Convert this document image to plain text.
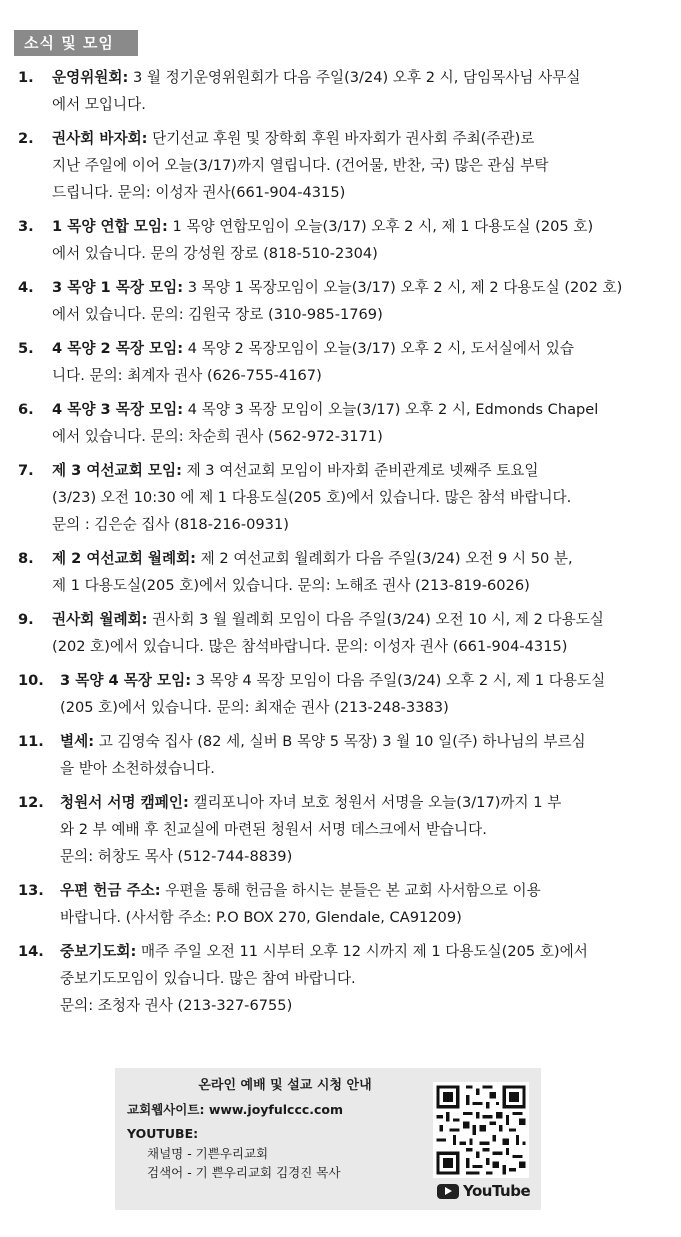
소식 및 모임
1.	운영위원회: 3 월 정기운영위원회가 다음 주일(3/24) 오후 2 시, 담임목사님 사무실
에서 모입니다.
2.	권사회 바자회: 단기선교 후원 및 장학회 후원 바자회가 권사회 주최(주관)로
지난 주일에 이어 오늘(3/17)까지 열립니다. (건어물, 반찬, 국) 많은 관심 부탁
드립니다. 문의: 이성자 권사(661-904-4315)
3.	1 목양 연합 모임: 1 목양 연합모임이 오늘(3/17) 오후 2 시, 제 1 다용도실 (205 호)
에서 있습니다. 문의 강성원 장로 (818-510-2304)
4.	3 목양 1 목장 모임: 3 목양 1 목장모임이 오늘(3/17) 오후 2 시, 제 2 다용도실 (202 호)
에서 있습니다. 문의: 김원국 장로 (310-985-1769)
5.	4 목양 2 목장 모임: 4 목양 2 목장모임이 오늘(3/17) 오후 2 시, 도서실에서 있습
니다. 문의: 최계자 권사 (626-755-4167)
6.	4 목양 3 목장 모임: 4 목양 3 목장 모임이 오늘(3/17) 오후 2 시, Edmonds Chapel
에서 있습니다. 문의: 차순희 권사 (562-972-3171)
7.	제 3 여선교회 모임: 제 3 여선교회 모임이 바자회 준비관계로 넷째주 토요일
(3/23) 오전 10:30 에 제 1 다용도실(205 호)에서 있습니다. 많은 참석 바랍니다.
문의 : 김은순 집사 (818-216-0931)
8.	제 2 여선교회 월례회: 제 2 여선교회 월례회가 다음 주일(3/24) 오전 9 시 50 분,
제 1 다용도실(205 호)에서 있습니다. 문의: 노해조 권사 (213-819-6026)
9.	권사회 월례회: 권사회 3 월 월례회 모임이 다음 주일(3/24) 오전 10 시, 제 2 다용도실
(202 호)에서 있습니다. 많은 참석바랍니다. 문의: 이성자 권사 (661-904-4315)
10.	3 목양 4 목장 모임: 3 목양 4 목장 모임이 다음 주일(3/24) 오후 2 시, 제 1 다용도실
(205 호)에서 있습니다. 문의: 최재순 권사 (213-248-3383)
11.	별세: 고 김영숙 집사 (82 세, 실버 B 목양 5 목장) 3 월 10 일(주) 하나님의 부르심
을 받아 소천하셨습니다.
12.	청원서 서명 캠페인: 캘리포니아 자녀 보호 청원서 서명을 오늘(3/17)까지 1 부
와 2 부 예배 후 친교실에 마련된 청원서 서명 데스크에서 받습니다.
문의: 허창도 목사 (512-744-8839)
13.	우편 헌금 주소: 우편을 통해 헌금을 하시는 분들은 본 교회 사서함으로 이용
바랍니다. (사서함 주소: P.O BOX 270, Glendale, CA91209)
14.	중보기도회: 매주 주일 오전 11 시부터 오후 12 시까지 제 1 다용도실(205 호)에서
중보기도모임이 있습니다. 많은 참여 바랍니다.
문의: 조청자 권사 (213-327-6755)
온라인 예배 및 설교 시청 안내
교회웹사이트: www.joyfulccc.com
YOUTUBE:
채널명 - 기쁜우리교회
검색어 - 기 쁜우리교회 김경진 목사
YouTube
